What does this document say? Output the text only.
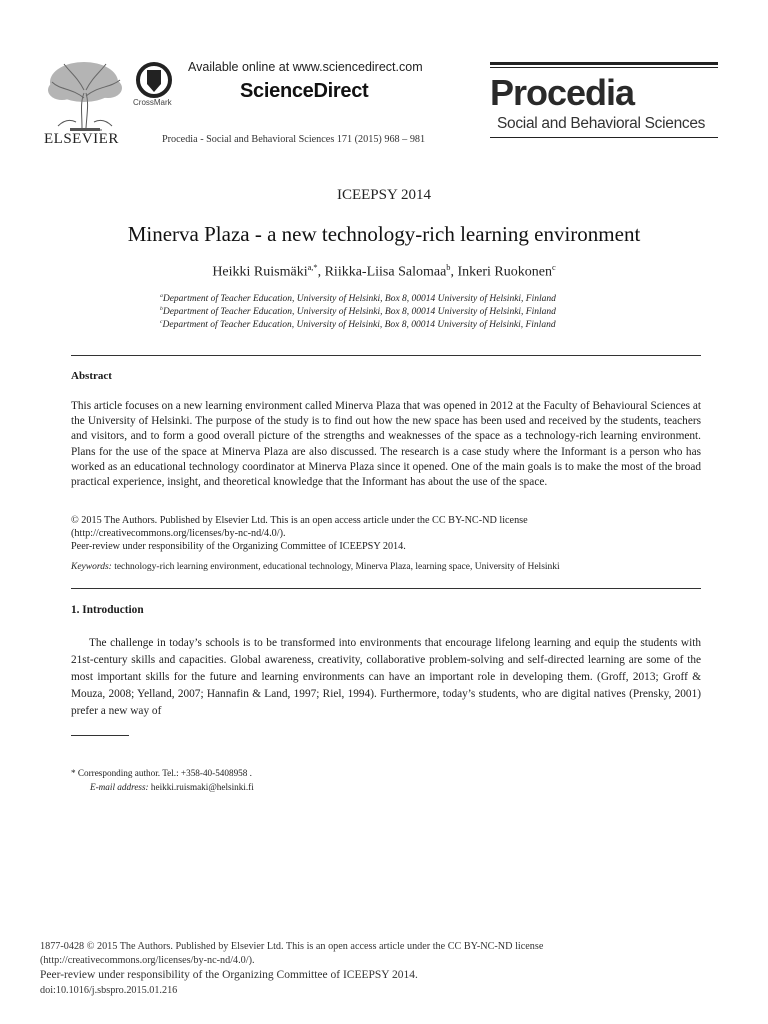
ELSEVIER
CrossMark
Available online at www.sciencedirect.com
ScienceDirect
Procedia - Social and Behavioral Sciences 171 (2015) 968 – 981
Procedia
Social and Behavioral Sciences
ICEEPSY 2014
Minerva Plaza - a new technology-rich learning environment
Heikki Ruismäki$^{a,*}$, Riikka-Liisa Salomaa$^b$, Inkeri Ruokonen$^c$
$^a$Department of Teacher Education, University of Helsinki, Box 8, 00014 University of Helsinki, Finland
$^b$Department of Teacher Education, University of Helsinki, Box 8, 00014 University of Helsinki, Finland
$^c$Department of Teacher Education, University of Helsinki, Box 8, 00014 University of Helsinki, Finland
Abstract
This article focuses on a new learning environment called Minerva Plaza that was opened in 2012 at the Faculty of Behavioural Sciences at the University of Helsinki. The purpose of the study is to find out how the new space has been used and received by the students, teachers and visitors, and to form a good overall picture of the strengths and weaknesses of the space as a technology-rich learning environment. Plans for the use of the space at Minerva Plaza are also discussed. The research is a case study where the Informant is a person who has worked as an educational technology coordinator at Minerva Plaza since it opened. One of the main goals is to make the most of the broad practical experience, insight, and theoretical knowledge that the Informant has about the use of the space.
© 2015 The Authors. Published by Elsevier Ltd. This is an open access article under the CC BY-NC-ND license
(http://creativecommons.org/licenses/by-nc-nd/4.0/).
Peer-review under responsibility of the Organizing Committee of ICEEPSY 2014.
Keywords: technology-rich learning environment, educational technology, Minerva Plaza, learning space, University of Helsinki
1. Introduction
The challenge in today’s schools is to be transformed into environments that encourage lifelong learning and equip the students with 21st-century skills and capacities. Global awareness, creativity, collaborative problem-solving and self-directed learning are some of the most important skills for the future and learning environments can have an important role in developing them. (Groff, 2013; Groff & Mouza, 2008; Yelland, 2007; Hannafin & Land, 1997; Riel, 1994). Furthermore, today’s students, who are digital natives (Prensky, 2001) prefer a new way of
* Corresponding author. Tel.: +358-40-5408958 .
E-mail address: heikki.ruismaki@helsinki.fi
1877-0428 © 2015 The Authors. Published by Elsevier Ltd. This is an open access article under the CC BY-NC-ND license
(http://creativecommons.org/licenses/by-nc-nd/4.0/).
Peer-review under responsibility of the Organizing Committee of ICEEPSY 2014.
doi:10.1016/j.sbspro.2015.01.216
